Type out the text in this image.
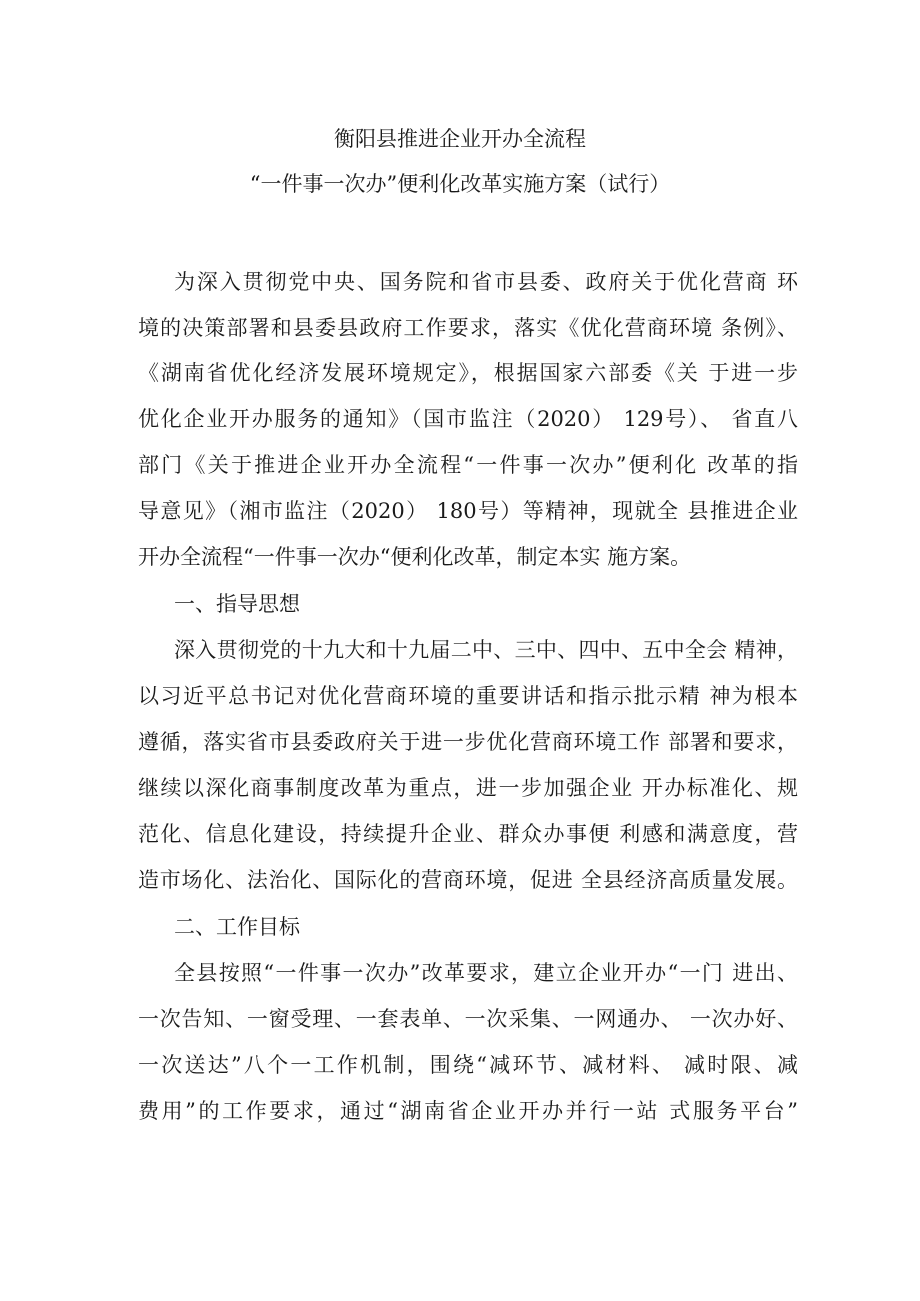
衡阳县推进企业开办全流程
“一件事一次办”便利化改革实施方案（试行）
为深入贯彻党中央、国务院和省市县委、政府关于优化营商 环
境的决策部署和县委县政府工作要求，落实《优化营商环境 条例》、
《湖南省优化经济发展环境规定》，根据国家六部委《关 于进一步
优化企业开办服务的通知》（国市监注（2020） 129号）、 省直八
部门《关于推进企业开办全流程“一件事一次办”便利化 改革的指
导意见》（湘市监注（2020） 180号）等精神，现就全 县推进企业
开办全流程“一件事一次办“便利化改革，制定本实 施方案。
一、指导思想
深入贯彻党的十九大和十九届二中、三中、四中、五中全会 精神，
以习近平总书记对优化营商环境的重要讲话和指示批示精 神为根本
遵循，落实省市县委政府关于进一步优化营商环境工作 部署和要求，
继续以深化商事制度改革为重点，进一步加强企业 开办标准化、规
范化、信息化建设，持续提升企业、群众办事便 利感和满意度，营
造市场化、法治化、国际化的营商环境，促进 全县经济高质量发展。
二、工作目标
全县按照“一件事一次办”改革要求，建立企业开办“一门 进出、
一次告知、一窗受理、一套表单、一次采集、一网通办、 一次办好、
一次送达”八个一工作机制，围绕“减环节、减材料、 减时限、减
费用”的工作要求，通过“湖南省企业开办并行一站 式服务平台”
